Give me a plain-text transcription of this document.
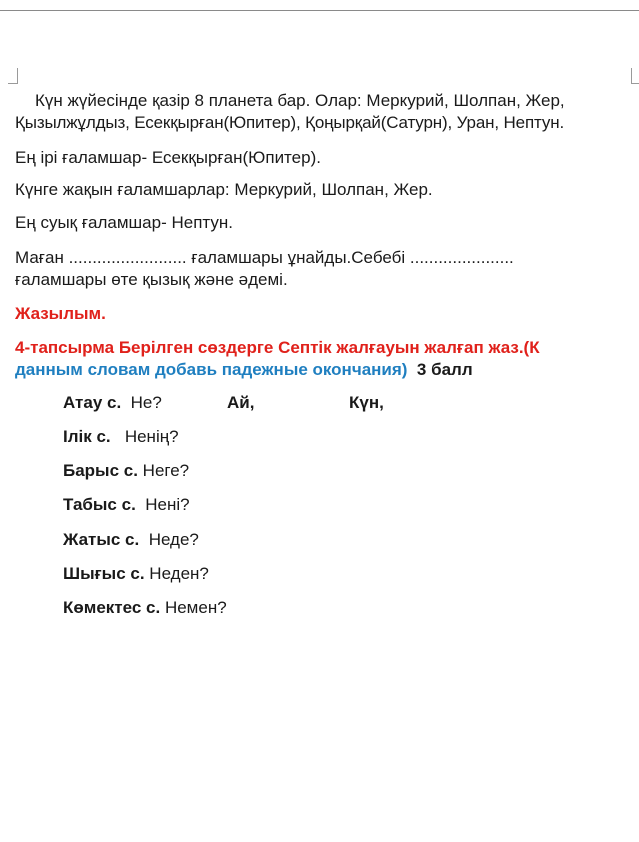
Күн жүйесінде қазір 8 планета бар. Олар: Меркурий, Шолпан, Жер,
Қызылжұлдыз, Есекқырған(Юпитер), Қоңырқай(Сатурн), Уран, Нептун.
Ең ірі ғаламшар- Есекқырған(Юпитер).
Күнге жақын ғаламшарлар: Меркурий, Шолпан, Жер.
Ең суық ғаламшар- Нептун.
Маған ......................... ғаламшары ұнайды.Себебі ......................
ғаламшары өте қызық және әдемі.
Жазылым.
4-тапсырма Берілген сөздерге Септік жалғауын жалғап жаз.(К
данным словам добавь падежные окончания) 3 балл
Ай,	Күн,
Атау с. Не?
Ілік с. Ненің?
Барыс с. Неге?
Табыс с. Нені?
Жатыс с. Неде?
Шығыс с. Неден?
Көмектес с. Немен?
